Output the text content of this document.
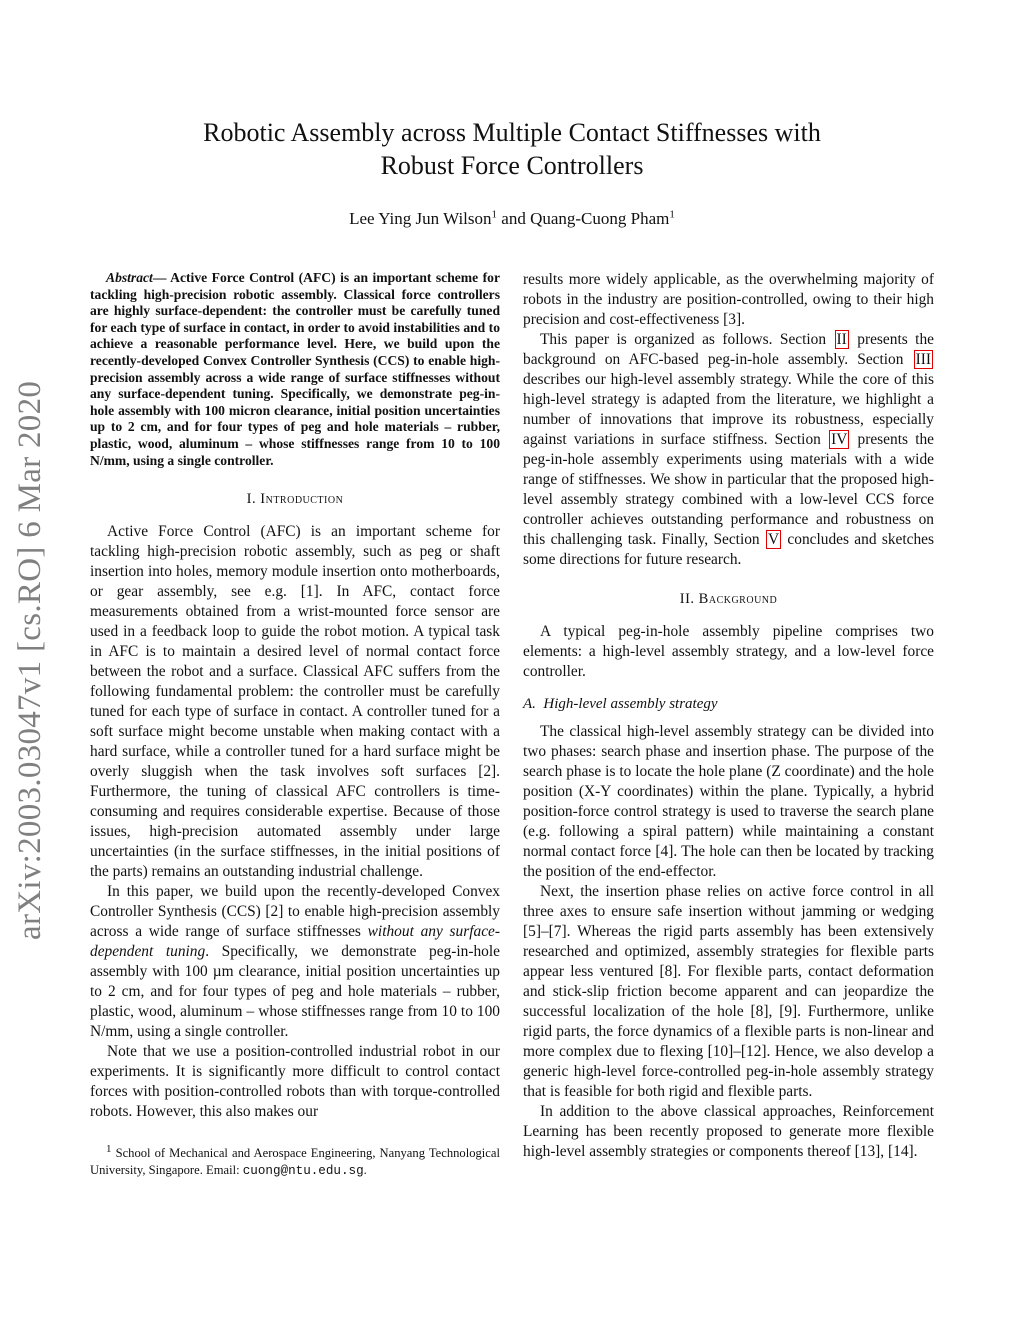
arXiv:2003.03047v1 [cs.RO] 6 Mar 2020
Robotic Assembly across Multiple Contact Stiffnesses with
Robust Force Controllers
Lee Ying Jun Wilson$^1$ and Quang-Cuong Pham$^1$

Abstract— Active Force Control (AFC) is an important scheme for tackling high-precision robotic assembly. Classical force controllers are highly surface-dependent: the controller must be carefully tuned for each type of surface in contact, in order to avoid instabilities and to achieve a reasonable performance level. Here, we build upon the recently-developed Convex Controller Synthesis (CCS) to enable high-precision assembly across a wide range of surface stiffnesses without any surface-dependent tuning. Specifically, we demonstrate peg-in-hole assembly with 100 micron clearance, initial position uncertainties up to 2 cm, and for four types of peg and hole materials – rubber, plastic, wood, aluminum – whose stiffnesses range from 10 to 100 N/mm, using a single controller.

I. Introduction

Active Force Control (AFC) is an important scheme for tackling high-precision robotic assembly, such as peg or shaft insertion into holes, memory module insertion onto motherboards, or gear assembly, see e.g. [1]. In AFC, contact force measurements obtained from a wrist-mounted force sensor are used in a feedback loop to guide the robot motion. A typical task in AFC is to maintain a desired level of normal contact force between the robot and a surface. Classical AFC suffers from the following fundamental problem: the controller must be carefully tuned for each type of surface in contact. A controller tuned for a soft surface might become unstable when making contact with a hard surface, while a controller tuned for a hard surface might be overly sluggish when the task involves soft surfaces [2]. Furthermore, the tuning of classical AFC controllers is time-consuming and requires considerable expertise. Because of those issues, high-precision automated assembly under large uncertainties (in the surface stiffnesses, in the initial positions of the parts) remains an outstanding industrial challenge.

In this paper, we build upon the recently-developed Convex Controller Synthesis (CCS) [2] to enable high-precision assembly across a wide range of surface stiffnesses without any surface-dependent tuning. Specifically, we demonstrate peg-in-hole assembly with 100 µm clearance, initial position uncertainties up to 2 cm, and for four types of peg and hole materials – rubber, plastic, wood, aluminum – whose stiffnesses range from 10 to 100 N/mm, using a single controller.

Note that we use a position-controlled industrial robot in our experiments. It is significantly more difficult to control contact forces with position-controlled robots than with torque-controlled robots. However, this also makes our

$^1$ School of Mechanical and Aerospace Engineering, Nanyang Technological University, Singapore. Email: cuong@ntu.edu.sg.

results more widely applicable, as the overwhelming majority of robots in the industry are position-controlled, owing to their high precision and cost-effectiveness [3].

This paper is organized as follows. Section II presents the background on AFC-based peg-in-hole assembly. Section III describes our high-level assembly strategy. While the core of this high-level strategy is adapted from the literature, we highlight a number of innovations that improve its robustness, especially against variations in surface stiffness. Section IV presents the peg-in-hole assembly experiments using materials with a wide range of stiffnesses. We show in particular that the proposed high-level assembly strategy combined with a low-level CCS force controller achieves outstanding performance and robustness on this challenging task. Finally, Section V concludes and sketches some directions for future research.

II. Background

A typical peg-in-hole assembly pipeline comprises two elements: a high-level assembly strategy, and a low-level force controller.

A.  High-level assembly strategy

The classical high-level assembly strategy can be divided into two phases: search phase and insertion phase. The purpose of the search phase is to locate the hole plane (Z coordinate) and the hole position (X-Y coordinates) within the plane. Typically, a hybrid position-force control strategy is used to traverse the search plane (e.g. following a spiral pattern) while maintaining a constant normal contact force [4]. The hole can then be located by tracking the position of the end-effector.

Next, the insertion phase relies on active force control in all three axes to ensure safe insertion without jamming or wedging [5]–[7]. Whereas the rigid parts assembly has been extensively researched and optimized, assembly strategies for flexible parts appear less ventured [8]. For flexible parts, contact deformation and stick-slip friction become apparent and can jeopardize the successful localization of the hole [8], [9]. Furthermore, unlike rigid parts, the force dynamics of a flexible parts is non-linear and more complex due to flexing [10]–[12]. Hence, we also develop a generic high-level force-controlled peg-in-hole assembly strategy that is feasible for both rigid and flexible parts.

In addition to the above classical approaches, Reinforcement Learning has been recently proposed to generate more flexible high-level assembly strategies or components thereof [13], [14].
